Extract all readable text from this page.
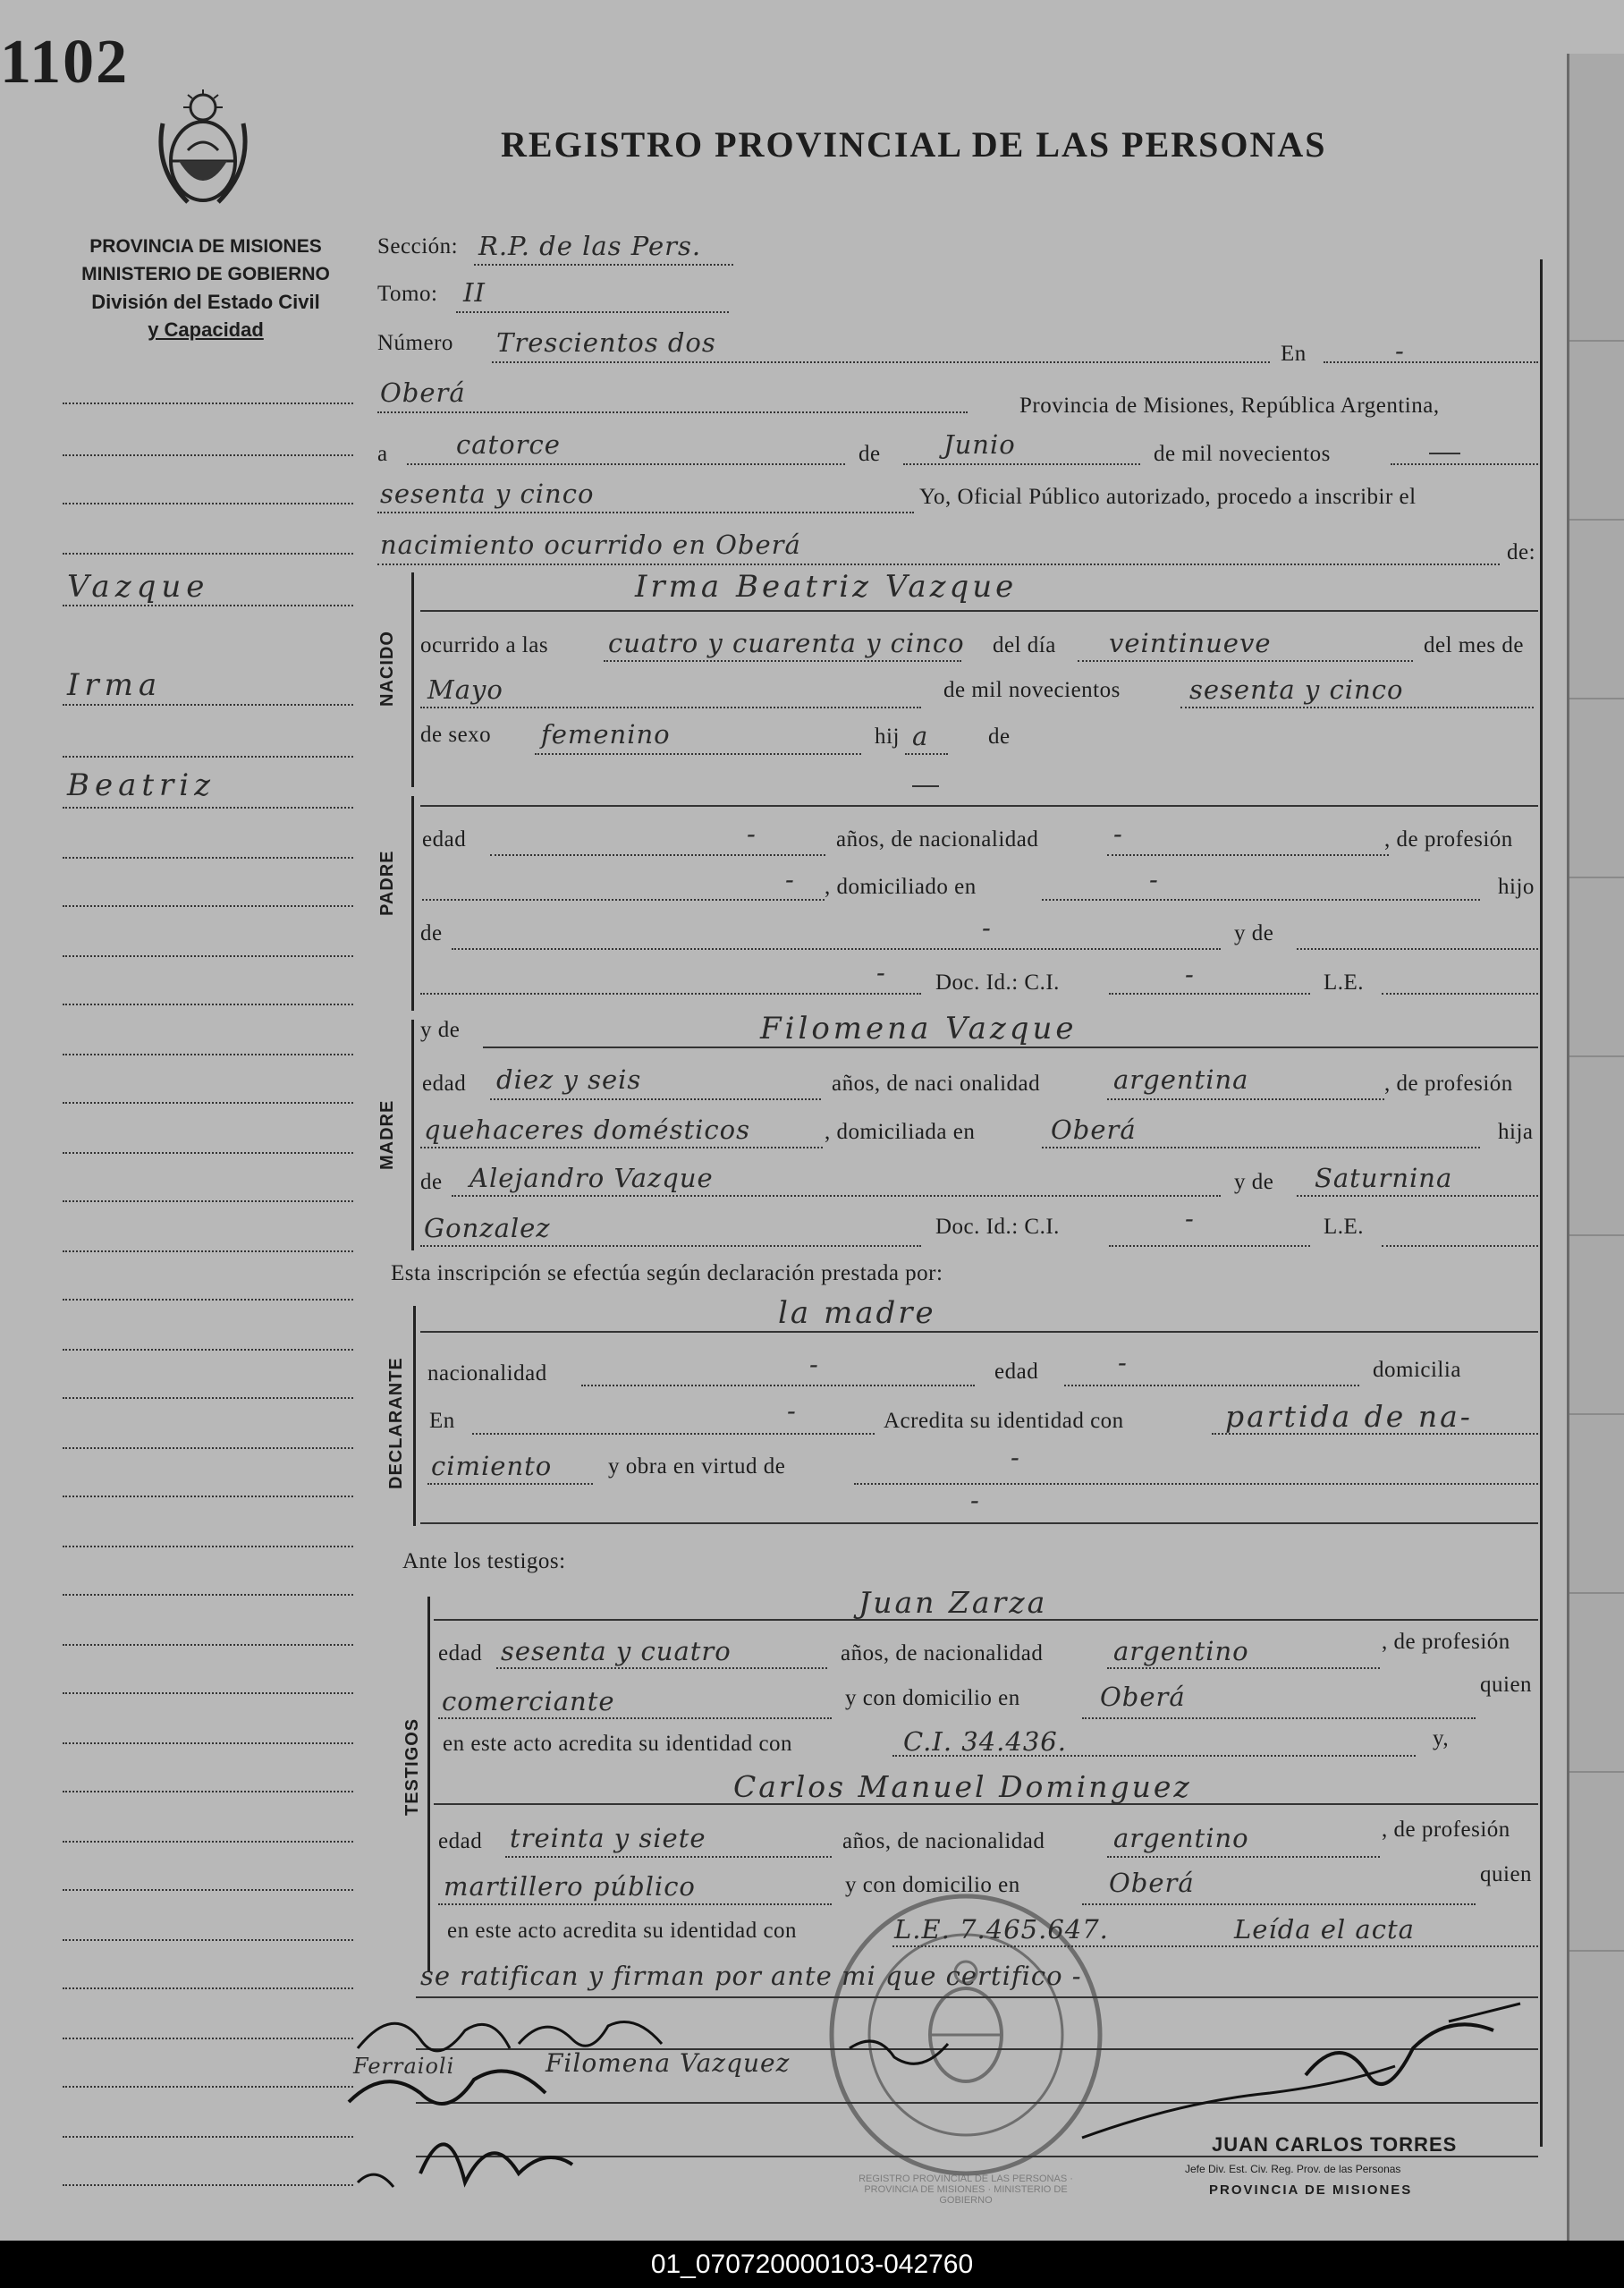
1102
REGISTRO PROVINCIAL DE LAS PERSONAS
PROVINCIA DE MISIONES
MINISTERIO DE GOBIERNO
División del Estado Civil
y Capacidad
Vazque
Irma
Beatriz
Sección: R.P. de las Pers.
Tomo: II
Número Trescientos dos	En	-
Oberá	Provincia de Misiones, República Argentina,
a	catorce	de Junio	de mil novecientos
sesenta y cinco	Yo, Oficial Público autorizado, procedo a inscribir el
nacimiento ocurrido en Oberá	de:
NACIDO
Irma Beatriz Vazque
ocurrido a las cuatro y cuarenta y cinco del día veintinueve	del mes de
Mayo	de mil novecientos	sesenta y cinco
de sexo femenino	hij a	de
PADRE
edad	-	años, de nacionalidad	-	, de profesión
- , domiciliado en	-	hijo
de	-	y de
- Doc. Id.: C.I.	-	L.E.
MADRE
y de	Filomena Vazque
edad diez y seis	años, de naci onalidad	argentina	, de profesión
quehaceres domésticos	, domiciliada en	Oberá	hija
de Alejandro Vazque	y de Saturnina
Gonzalez	Doc. Id.: C.I.	-	L.E.
Esta inscripción se efectúa según declaración prestada por:
DECLARANTE
la madre
nacionalidad	-	edad	-	domicilia
En	-	Acredita su identidad con	partida de na-
cimiento	y obra en virtud de	-
-
Ante los testigos:
TESTIGOS
Juan Zarza
edad sesenta y cuatro	años, de nacionalidad	argentino	, de profesión
comerciante	y con domicilio en	Oberá	quien
en este acto acredita su identidad con	C.I. 34.436.	y,
Carlos Manuel Dominguez
edad treinta y siete	años, de nacionalidad	argentino	, de profesión
martillero público	y con domicilio en	Oberá	quien
en este acto acredita su identidad con	L.E. 7.465.647.	Leída el acta
se ratifican y firman por ante mi que certifico -
REGISTRO PROVINCIAL DE LAS PERSONAS · PROVINCIA DE MISIONES · MINISTERIO DE GOBIERNO
Filomena Vazquez
Ferraioli
JUAN CARLOS TORRES
Jefe Div. Est. Civ. Reg. Prov. de las Personas
PROVINCIA DE MISIONES
01_070720000103-042760
